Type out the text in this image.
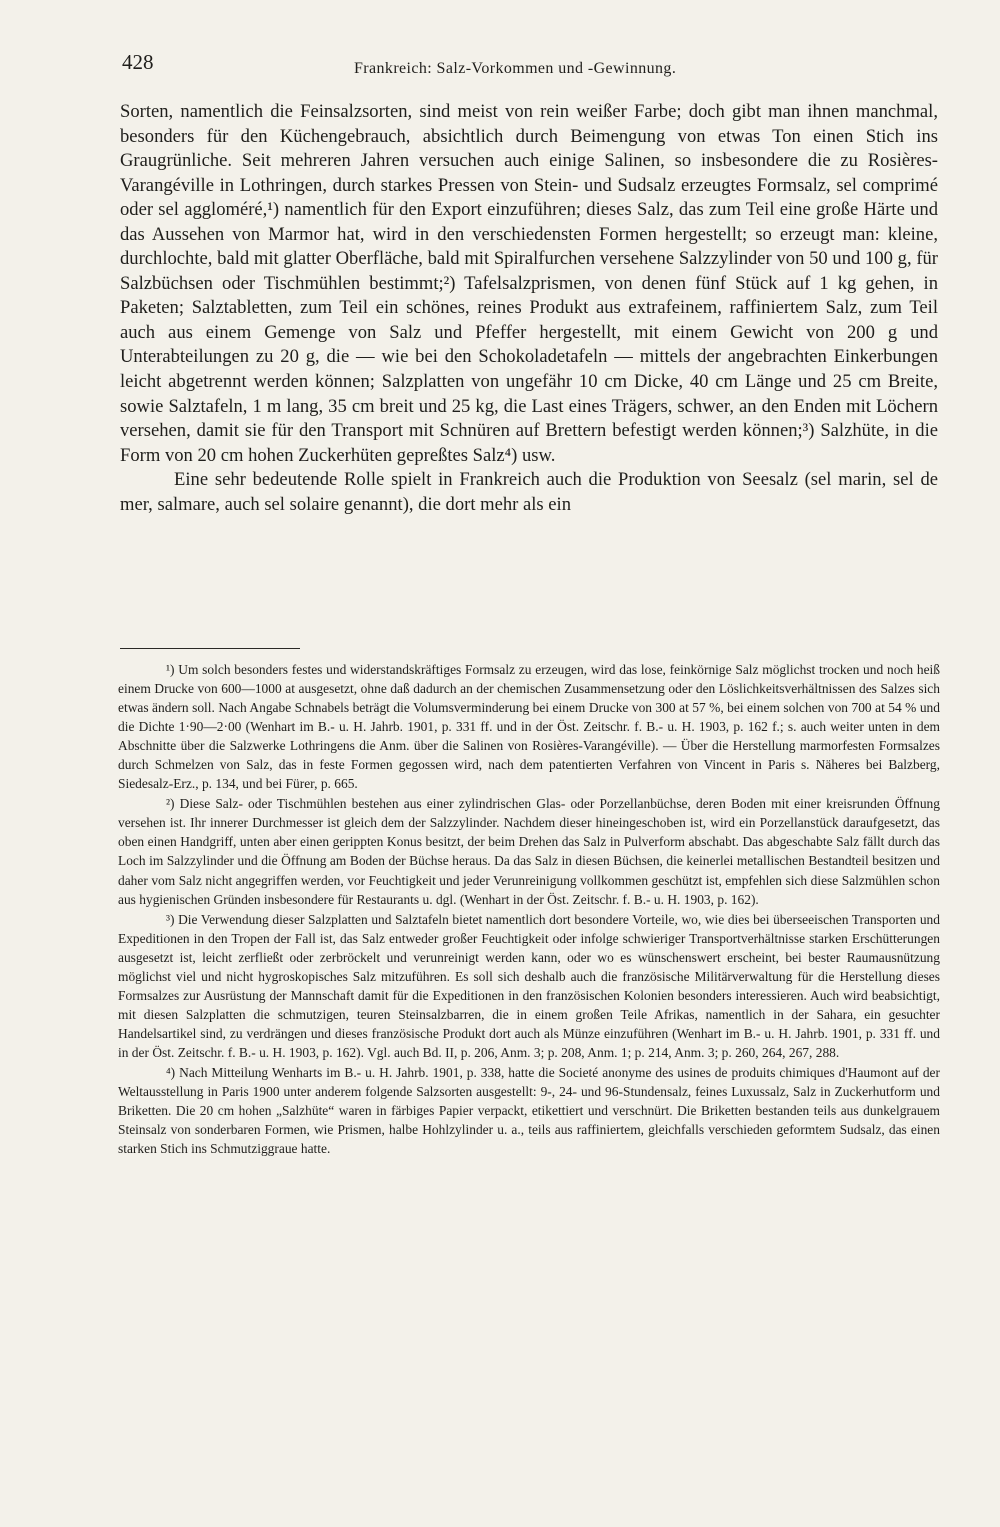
428	Frankreich: Salz-Vorkommen und -Gewinnung.

Sorten, namentlich die Feinsalzsorten, sind meist von rein weißer Farbe; doch gibt man ihnen manchmal, besonders für den Küchengebrauch, absichtlich durch Beimengung von etwas Ton einen Stich ins Graugrünliche. Seit mehreren Jahren versuchen auch einige Salinen, so insbesondere die zu Rosières-Varangéville in Lothringen, durch starkes Pressen von Stein- und Sudsalz erzeugtes Formsalz, sel comprimé oder sel aggloméré,¹) namentlich für den Export einzuführen; dieses Salz, das zum Teil eine große Härte und das Aussehen von Marmor hat, wird in den verschiedensten Formen hergestellt; so erzeugt man: kleine, durchlochte, bald mit glatter Oberfläche, bald mit Spiralfurchen versehene Salzzylinder von 50 und 100 g, für Salzbüchsen oder Tischmühlen bestimmt;²) Tafelsalzprismen, von denen fünf Stück auf 1 kg gehen, in Paketen; Salztabletten, zum Teil ein schönes, reines Produkt aus extrafeinem, raffiniertem Salz, zum Teil auch aus einem Gemenge von Salz und Pfeffer hergestellt, mit einem Gewicht von 200 g und Unterabteilungen zu 20 g, die — wie bei den Schokoladetafeln — mittels der angebrachten Einkerbungen leicht abgetrennt werden können; Salzplatten von ungefähr 10 cm Dicke, 40 cm Länge und 25 cm Breite, sowie Salztafeln, 1 m lang, 35 cm breit und 25 kg, die Last eines Trägers, schwer, an den Enden mit Löchern versehen, damit sie für den Transport mit Schnüren auf Brettern befestigt werden können;³) Salzhüte, in die Form von 20 cm hohen Zuckerhüten gepreßtes Salz⁴) usw.

Eine sehr bedeutende Rolle spielt in Frankreich auch die Produktion von Seesalz (sel marin, sel de mer, salmare, auch sel solaire genannt), die dort mehr als ein

¹) Um solch besonders festes und widerstandskräftiges Formsalz zu erzeugen, wird das lose, feinkörnige Salz möglichst trocken und noch heiß einem Drucke von 600—1000 at ausgesetzt, ohne daß dadurch an der chemischen Zusammensetzung oder den Löslichkeitsverhältnissen des Salzes sich etwas ändern soll. Nach Angabe Schnabels beträgt die Volumsverminderung bei einem Drucke von 300 at 57 %, bei einem solchen von 700 at 54 % und die Dichte 1·90—2·00 (Wenhart im B.- u. H. Jahrb. 1901, p. 331 ff. und in der Öst. Zeitschr. f. B.- u. H. 1903, p. 162 f.; s. auch weiter unten in dem Abschnitte über die Salzwerke Lothringens die Anm. über die Salinen von Rosières-Varangéville). — Über die Herstellung marmorfesten Formsalzes durch Schmelzen von Salz, das in feste Formen gegossen wird, nach dem patentierten Verfahren von Vincent in Paris s. Näheres bei Balzberg, Siedesalz-Erz., p. 134, und bei Fürer, p. 665.

²) Diese Salz- oder Tischmühlen bestehen aus einer zylindrischen Glas- oder Porzellanbüchse, deren Boden mit einer kreisrunden Öffnung versehen ist. Ihr innerer Durchmesser ist gleich dem der Salzzylinder. Nachdem dieser hineingeschoben ist, wird ein Porzellanstück daraufgesetzt, das oben einen Handgriff, unten aber einen gerippten Konus besitzt, der beim Drehen das Salz in Pulverform abschabt. Das abgeschabte Salz fällt durch das Loch im Salzzylinder und die Öffnung am Boden der Büchse heraus. Da das Salz in diesen Büchsen, die keinerlei metallischen Bestandteil besitzen und daher vom Salz nicht angegriffen werden, vor Feuchtigkeit und jeder Verunreinigung vollkommen geschützt ist, empfehlen sich diese Salzmühlen schon aus hygienischen Gründen insbesondere für Restaurants u. dgl. (Wenhart in der Öst. Zeitschr. f. B.- u. H. 1903, p. 162).

³) Die Verwendung dieser Salzplatten und Salztafeln bietet namentlich dort besondere Vorteile, wo, wie dies bei überseeischen Transporten und Expeditionen in den Tropen der Fall ist, das Salz entweder großer Feuchtigkeit oder infolge schwieriger Transportverhältnisse starken Erschütterungen ausgesetzt ist, leicht zerfließt oder zerbröckelt und verunreinigt werden kann, oder wo es wünschenswert erscheint, bei bester Raumausnützung möglichst viel und nicht hygroskopisches Salz mitzuführen. Es soll sich deshalb auch die französische Militärverwaltung für die Herstellung dieses Formsalzes zur Ausrüstung der Mannschaft damit für die Expeditionen in den französischen Kolonien besonders interessieren. Auch wird beabsichtigt, mit diesen Salzplatten die schmutzigen, teuren Steinsalzbarren, die in einem großen Teile Afrikas, namentlich in der Sahara, ein gesuchter Handelsartikel sind, zu verdrängen und dieses französische Produkt dort auch als Münze einzuführen (Wenhart im B.- u. H. Jahrb. 1901, p. 331 ff. und in der Öst. Zeitschr. f. B.- u. H. 1903, p. 162). Vgl. auch Bd. II, p. 206, Anm. 3; p. 208, Anm. 1; p. 214, Anm. 3; p. 260, 264, 267, 288.

⁴) Nach Mitteilung Wenharts im B.- u. H. Jahrb. 1901, p. 338, hatte die Societé anonyme des usines de produits chimiques d'Haumont auf der Weltausstellung in Paris 1900 unter anderem folgende Salzsorten ausgestellt: 9-, 24- und 96-Stundensalz, feines Luxussalz, Salz in Zuckerhutform und Briketten. Die 20 cm hohen „Salzhüte“ waren in färbiges Papier verpackt, etikettiert und verschnürt. Die Briketten bestanden teils aus dunkelgrauem Steinsalz von sonderbaren Formen, wie Prismen, halbe Hohlzylinder u. a., teils aus raffiniertem, gleichfalls verschieden geformtem Sudsalz, das einen starken Stich ins Schmutziggraue hatte.
